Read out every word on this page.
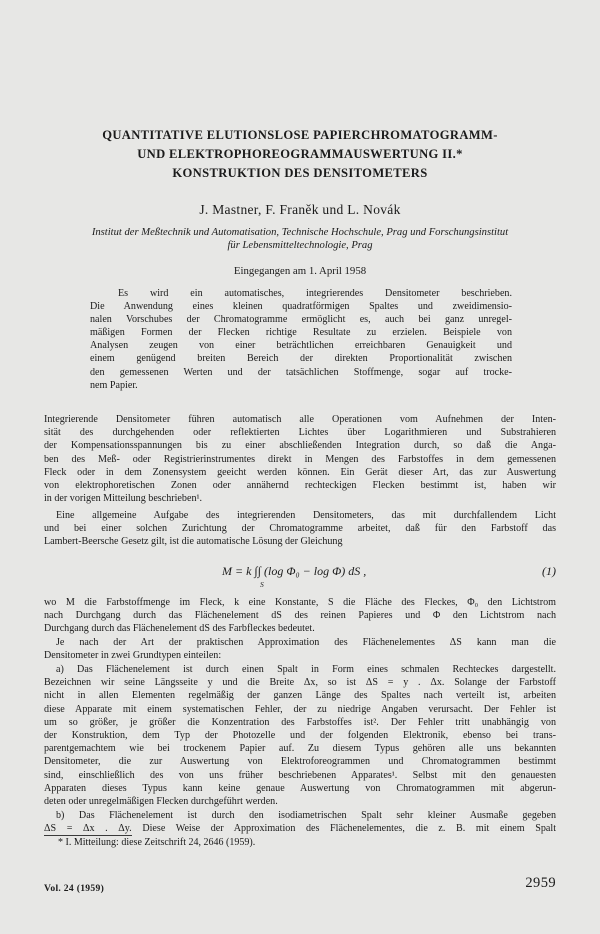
QUANTITATIVE ELUTIONSLOSE PAPIERCHROMATOGRAMM-
UND ELEKTROPHOREOGRAMMAUSWERTUNG II.*
KONSTRUKTION DES DENSITOMETERS
J. Mastner, F. Franěk und L. Novák
Institut der Meßtechnik und Automatisation, Technische Hochschule, Prag und Forschungsinstitut
für Lebensmitteltechnologie, Prag
Eingegangen am 1. April 1958
Es wird ein automatisches, integrierendes Densitometer beschrieben.
Die Anwendung eines kleinen quadratförmigen Spaltes und zweidimensio-
nalen Vorschubes der Chromatogramme ermöglicht es, auch bei ganz unregel-
mäßigen Formen der Flecken richtige Resultate zu erzielen. Beispiele von
Analysen zeugen von einer beträchtlichen erreichbaren Genauigkeit und
einem genügend breiten Bereich der direkten Proportionalität zwischen
den gemessenen Werten und der tatsächlichen Stoffmenge, sogar auf trocke-
nem Papier.
Integrierende Densitometer führen automatisch alle Operationen vom Aufnehmen der Inten-
sität des durchgehenden oder reflektierten Lichtes über Logarithmieren und Substrahieren
der Kompensationsspannungen bis zu einer abschließenden Integration durch, so daß die Anga-
ben des Meß- oder Registrierinstrumentes direkt in Mengen des Farbstoffes in dem gemessenen
Fleck oder in dem Zonensystem geeicht werden können. Ein Gerät dieser Art, das zur Auswertung
von elektrophoretischen Zonen oder annähernd rechteckigen Flecken bestimmt ist, haben wir
in der vorigen Mitteilung beschrieben¹.
Eine allgemeine Aufgabe des integrierenden Densitometers, das mit durchfallendem Licht
und bei einer solchen Zurichtung der Chromatogramme arbeitet, daß für den Farbstoff das
Lambert-Beersche Gesetz gilt, ist die automatische Lösung der Gleichung
M = k ∫∫ (log Φ₀ − log Φ) dS ,
S
(1)
wo M die Farbstoffmenge im Fleck, k eine Konstante, S die Fläche des Fleckes, Φ₀ den Lichtstrom
nach Durchgang durch das Flächenelement dS des reinen Papieres und Φ den Lichtstrom nach
Durchgang durch das Flächenelement dS des Farbfleckes bedeutet.
Je nach der Art der praktischen Approximation des Flächenelementes ΔS kann man die
Densitometer in zwei Grundtypen einteilen:
a) Das Flächenelement ist durch einen Spalt in Form eines schmalen Rechteckes dargestellt.
Bezeichnen wir seine Längsseite y und die Breite Δx, so ist ΔS = y . Δx. Solange der Farbstoff
nicht in allen Elementen regelmäßig der ganzen Länge des Spaltes nach verteilt ist, arbeiten
diese Apparate mit einem systematischen Fehler, der zu niedrige Angaben verursacht. Der Fehler ist
um so größer, je größer die Konzentration des Farbstoffes ist². Der Fehler tritt unabhängig von
der Konstruktion, dem Typ der Photozelle und der folgenden Elektronik, ebenso bei trans-
parentgemachtem wie bei trockenem Papier auf. Zu diesem Typus gehören alle uns bekannten
Densitometer, die zur Auswertung von Elektroforeogrammen und Chromatogrammen bestimmt
sind, einschließlich des von uns früher beschriebenen Apparates¹. Selbst mit den genauesten
Apparaten dieses Typus kann keine genaue Auswertung von Chromatogrammen mit abgerun-
deten oder unregelmäßigen Flecken durchgeführt werden.
b) Das Flächenelement ist durch den isodiametrischen Spalt sehr kleiner Ausmaße gegeben
ΔS = Δx . Δy. Diese Weise der Approximation des Flächenelementes, die z. B. mit einem Spalt
* I. Mitteilung: diese Zeitschrift 24, 2646 (1959).
Vol. 24 (1959)	2959
